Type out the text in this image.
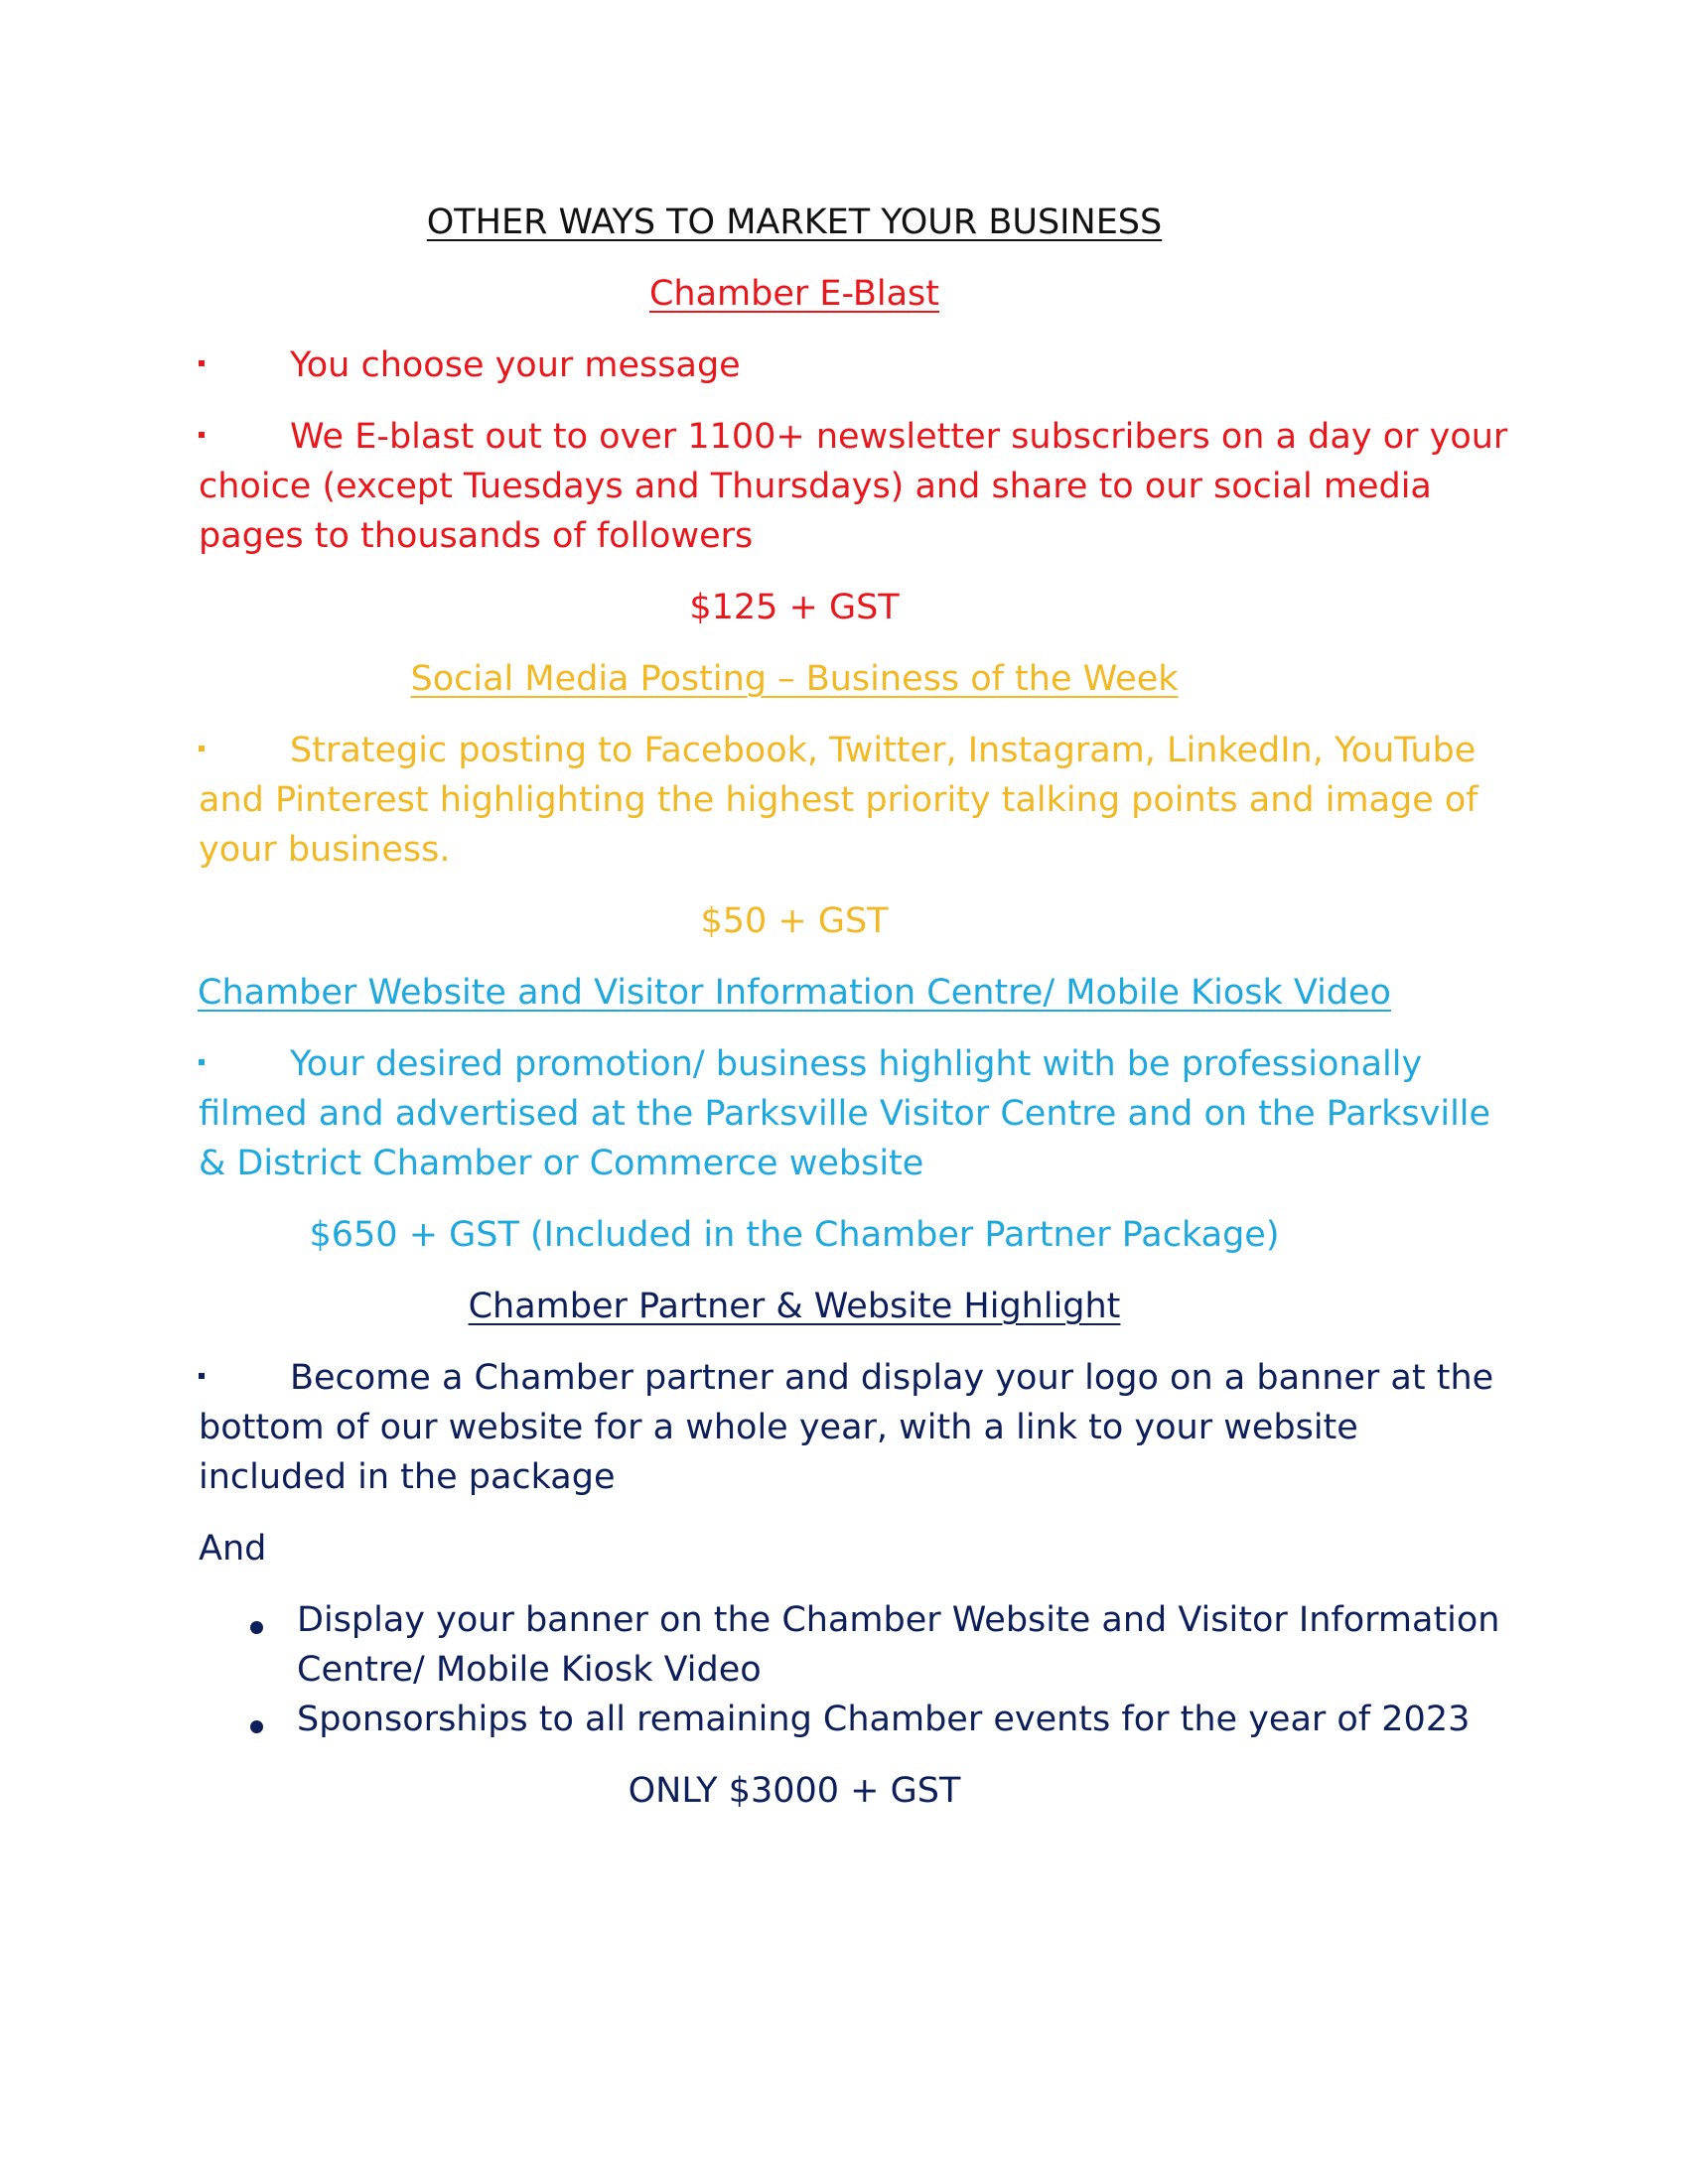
OTHER WAYS TO MARKET YOUR BUSINESS

Chamber E-Blast

You choose your message

We E-blast out to over 1100+ newsletter subscribers on a day or your

choice (except Tuesdays and Thursdays) and share to our social media

pages to thousands of followers

$125 + GST

Social Media Posting – Business of the Week

Strategic posting to Facebook, Twitter, Instagram, LinkedIn, YouTube

and Pinterest highlighting the highest priority talking points and image of

your business.

$50 + GST

Chamber Website and Visitor Information Centre/ Mobile Kiosk Video

Your desired promotion/ business highlight with be professionally

filmed and advertised at the Parksville Visitor Centre and on the Parksville

& District Chamber or Commerce website

$650 + GST (Included in the Chamber Partner Package)

Chamber Partner & Website Highlight

Become a Chamber partner and display your logo on a banner at the

bottom of our website for a whole year, with a link to your website

included in the package

And

Display your banner on the Chamber Website and Visitor Information

Centre/ Mobile Kiosk Video

Sponsorships to all remaining Chamber events for the year of 2023

ONLY $3000 + GST
